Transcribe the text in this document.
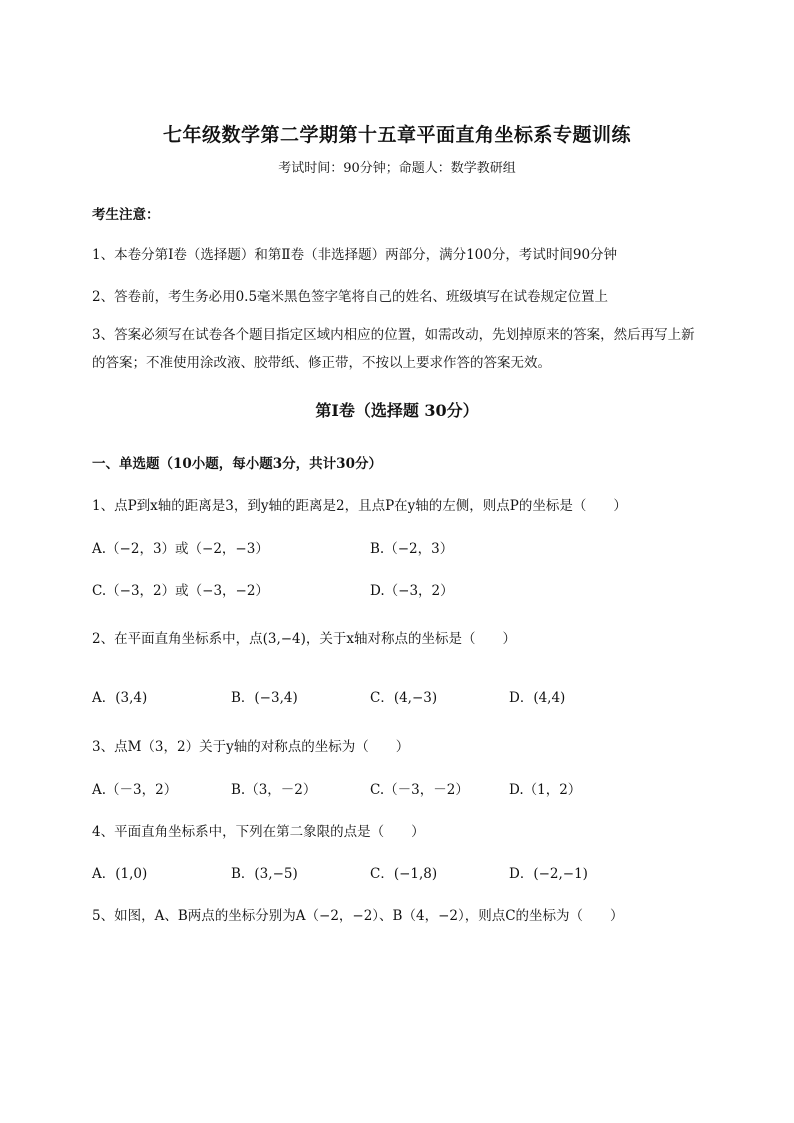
七年级数学第二学期第十五章平面直角坐标系专题训练
考试时间：90分钟；命题人：数学教研组
考生注意：
1、本卷分第I卷（选择题）和第Ⅱ卷（非选择题）两部分，满分100分，考试时间90分钟
2、答卷前，考生务必用0.5毫米黑色签字笔将自己的姓名、班级填写在试卷规定位置上
3、答案必须写在试卷各个题目指定区域内相应的位置，如需改动，先划掉原来的答案，然后再写上新的答案；不准使用涂改液、胶带纸、修正带，不按以上要求作答的答案无效。
第I卷（选择题 30分）
一、单选题（10小题，每小题3分，共计30分）
1、点P到x轴的距离是3，到y轴的距离是2，且点P在y轴的左侧，则点P的坐标是（　　）
A.（−2，3）或（−2，−3）	B.（−2，3）
C.（−3，2）或（−3，−2）	D.（−3，2）
2、在平面直角坐标系中，点(3,−4)，关于x轴对称点的坐标是（　　）
A．(3,4)	B．(−3,4)	C．(4,−3)	D．(4,4)
3、点M（3，2）关于y轴的对称点的坐标为（　　）
A.（－3，2）	B.（3，－2）	C.（－3，－2）	D.（1，2）
4、平面直角坐标系中，下列在第二象限的点是（　　）
A．(1,0)	B．(3,−5)	C．(−1,8)	D．(−2,−1)
5、如图，A、B两点的坐标分别为A（−2，−2）、B（4，−2），则点C的坐标为（　　）
